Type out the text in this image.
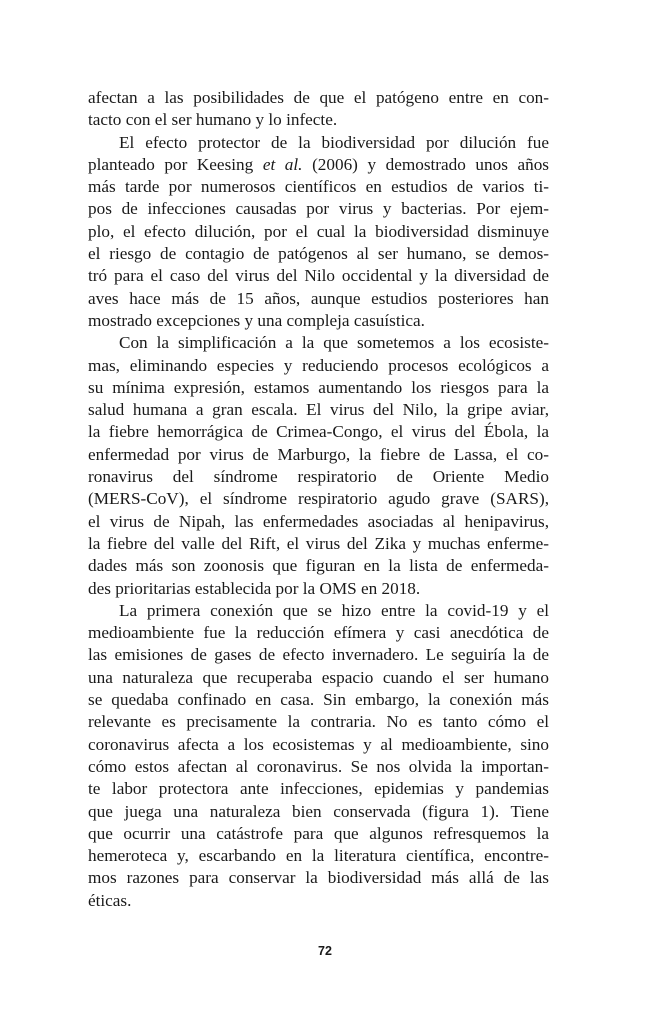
afectan a las posibilidades de que el patógeno entre en con-
tacto con el ser humano y lo infecte.
El efecto protector de la biodiversidad por dilución fue
planteado por Keesing et al. (2006) y demostrado unos años
más tarde por numerosos científicos en estudios de varios ti-
pos de infecciones causadas por virus y bacterias. Por ejem-
plo, el efecto dilución, por el cual la biodiversidad disminuye
el riesgo de contagio de patógenos al ser humano, se demos-
tró para el caso del virus del Nilo occidental y la diversidad de
aves hace más de 15 años, aunque estudios posteriores han
mostrado excepciones y una compleja casuística.
Con la simplificación a la que sometemos a los ecosiste-
mas, eliminando especies y reduciendo procesos ecológicos a
su mínima expresión, estamos aumentando los riesgos para la
salud humana a gran escala. El virus del Nilo, la gripe aviar,
la fiebre hemorrágica de Crimea-Congo, el virus del Ébola, la
enfermedad por virus de Marburgo, la fiebre de Lassa, el co-
ronavirus del síndrome respiratorio de Oriente Medio
(MERS-CoV), el síndrome respiratorio agudo grave (SARS),
el virus de Nipah, las enfermedades asociadas al henipavirus,
la fiebre del valle del Rift, el virus del Zika y muchas enferme-
dades más son zoonosis que figuran en la lista de enfermeda-
des prioritarias establecida por la OMS en 2018.
La primera conexión que se hizo entre la covid-19 y el
medioambiente fue la reducción efímera y casi anecdótica de
las emisiones de gases de efecto invernadero. Le seguiría la de
una naturaleza que recuperaba espacio cuando el ser humano
se quedaba confinado en casa. Sin embargo, la conexión más
relevante es precisamente la contraria. No es tanto cómo el
coronavirus afecta a los ecosistemas y al medioambiente, sino
cómo estos afectan al coronavirus. Se nos olvida la importan-
te labor protectora ante infecciones, epidemias y pandemias
que juega una naturaleza bien conservada (figura 1). Tiene
que ocurrir una catástrofe para que algunos refresquemos la
hemeroteca y, escarbando en la literatura científica, encontre-
mos razones para conservar la biodiversidad más allá de las
éticas.
72
